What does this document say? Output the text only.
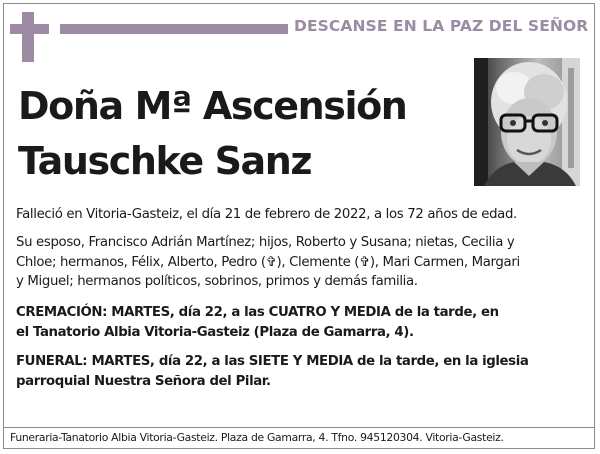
DESCANSE EN LA PAZ DEL SEÑOR
Doña Mª Ascensión
Tauschke Sanz
Falleció en Vitoria-Gasteiz, el día 21 de febrero de 2022, a los 72 años de edad.
Su esposo, Francisco Adrián Martínez; hijos, Roberto y Susana; nietas, Cecilia y
Chloe; hermanos, Félix, Alberto, Pedro (✞), Clemente (✞), Mari Carmen, Margari
y Miguel; hermanos políticos, sobrinos, primos y demás familia.
CREMACIÓN: MARTES, día 22, a las CUATRO Y MEDIA de la tarde, en
el Tanatorio Albia Vitoria-Gasteiz (Plaza de Gamarra, 4).
FUNERAL: MARTES, día 22, a las SIETE Y MEDIA de la tarde, en la iglesia
parroquial Nuestra Señora del Pilar.
Funeraria-Tanatorio Albia Vitoria-Gasteiz. Plaza de Gamarra, 4. Tfno. 945120304. Vitoria-Gasteiz.
